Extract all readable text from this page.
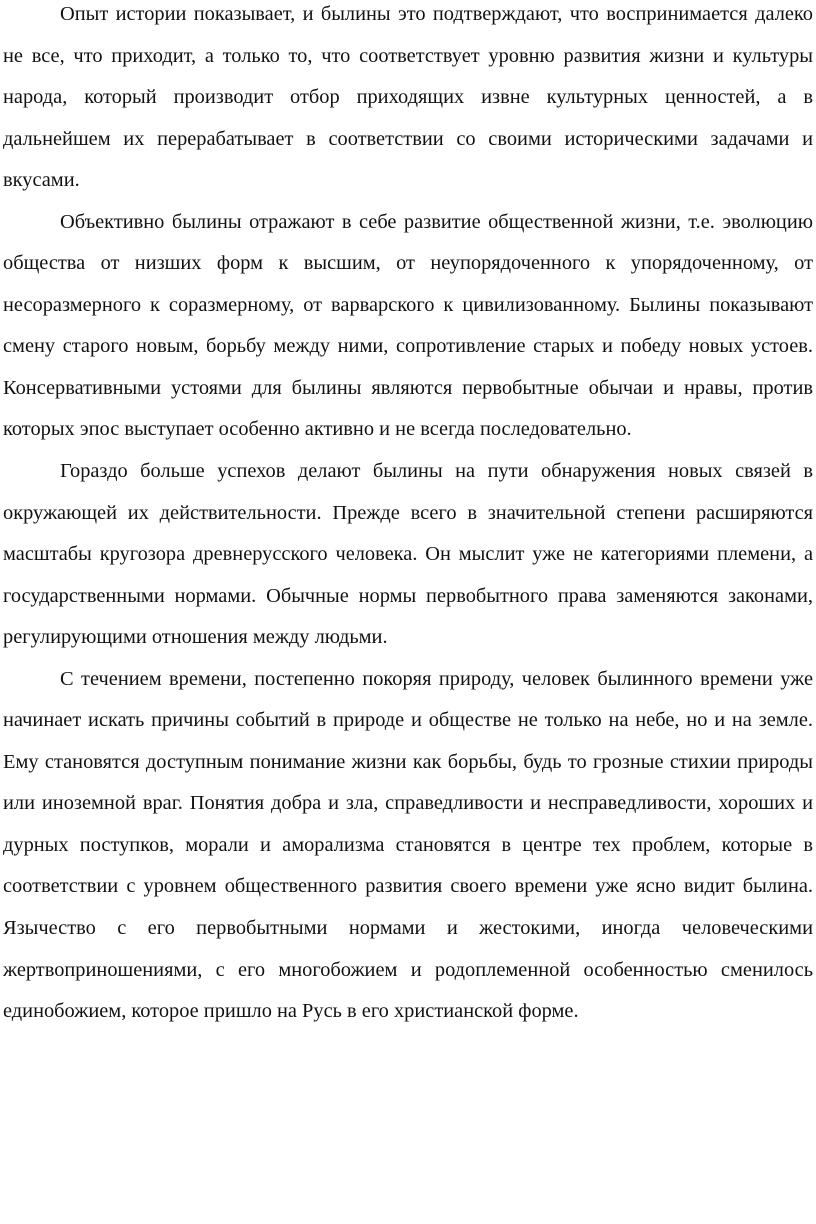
Опыт истории показывает, и былины это подтверждают, что воспринимается далеко не все, что приходит, а только то, что соответствует уровню развития жизни и культуры народа, который производит отбор приходящих извне культурных ценностей, а в дальнейшем их перерабатывает в соответствии со своими историческими задачами и вкусами.

Объективно былины отражают в себе развитие общественной жизни, т.е. эволюцию общества от низших форм к высшим, от неупорядоченного к упорядоченному, от несоразмерного к соразмерному, от варварского к цивилизованному. Былины показывают смену старого новым, борьбу между ними, сопротивление старых и победу новых устоев. Консервативными устоями для былины являются первобытные обычаи и нравы, против которых эпос выступает особенно активно и не всегда последовательно.

Гораздо больше успехов делают былины на пути обнаружения новых связей в окружающей их действительности. Прежде всего в значительной степени расширяются масштабы кругозора древнерусского человека. Он мыслит уже не категориями племени, а государственными нормами. Обычные нормы первобытного права заменяются законами, регулирующими отношения между людьми.

С течением времени, постепенно покоряя природу, человек былинного времени уже начинает искать причины событий в природе и обществе не только на небе, но и на земле. Ему становятся доступным понимание жизни как борьбы, будь то грозные стихии природы или иноземной враг. Понятия добра и зла, справедливости и несправедливости, хороших и дурных поступков, морали и аморализма становятся в центре тех проблем, которые в соответствии с уровнем общественного развития своего времени уже ясно видит былина. Язычество с его первобытными нормами и жестокими, иногда человеческими жертвоприношениями, с его многобожием и родоплеменной особенностью сменилось единобожием, которое пришло на Русь в его христианской форме.
